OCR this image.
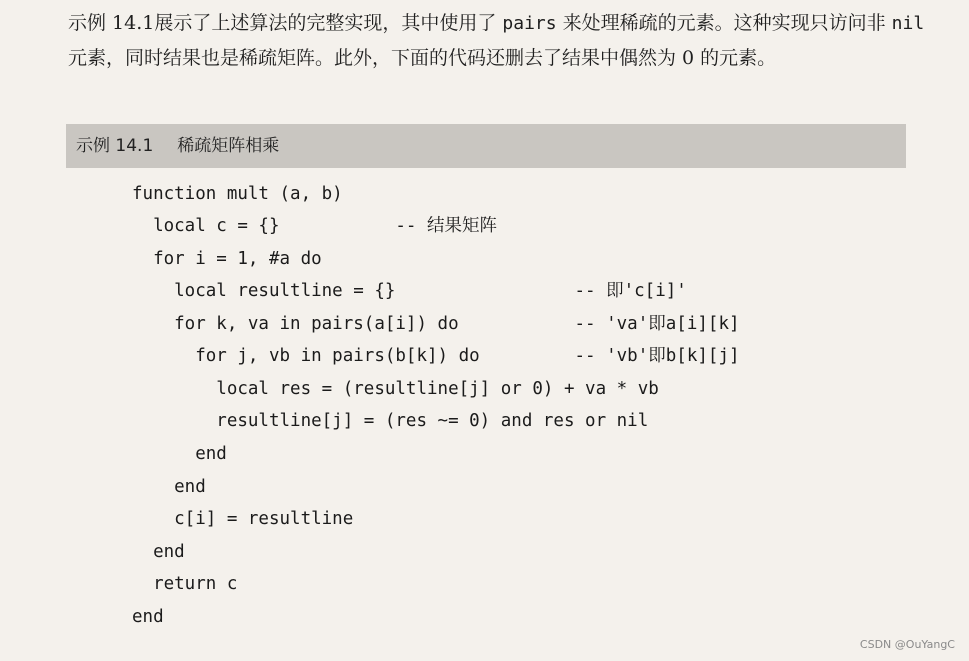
示例 14.1展示了上述算法的完整实现，其中使用了 pairs 来处理稀疏的元素。这种实现只访问非 nil 元素，同时结果也是稀疏矩阵。此外，下面的代码还删去了结果中偶然为 0 的元素。

示例 14.1 稀疏矩阵相乘
function mult (a, b)
local c = {}           -- 结果矩阵
for i = 1, #a do
local resultline = {}                 -- 即'c[i]'
for k, va in pairs(a[i]) do           -- 'va'即a[i][k]
for j, vb in pairs(b[k]) do         -- 'vb'即b[k][j]
local res = (resultline[j] or 0) + va * vb
resultline[j] = (res ~= 0) and res or nil
end
end
c[i] = resultline
end
return c
end
CSDN @OuYangC
